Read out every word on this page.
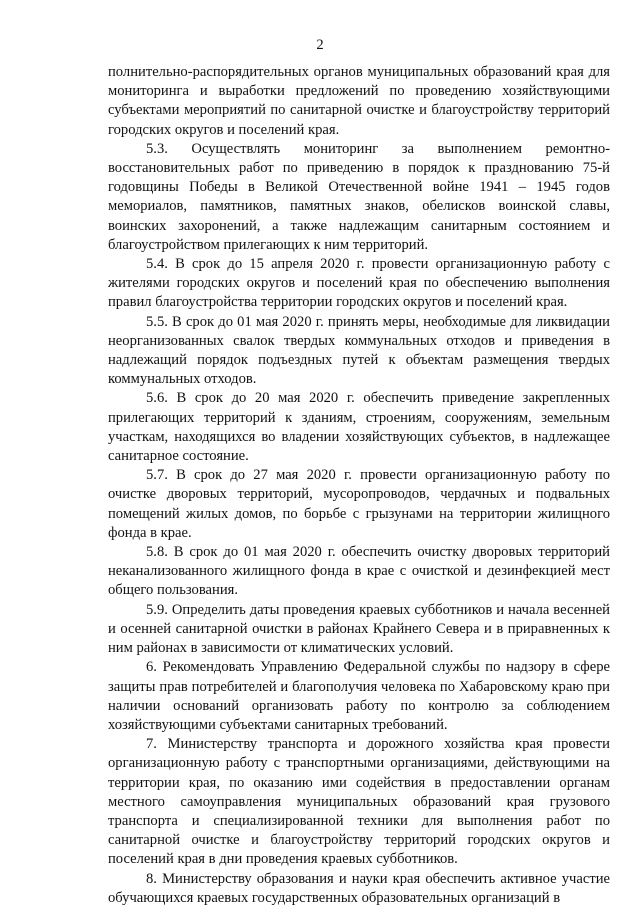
2

полнительно-распорядительных органов муниципальных образований края для мониторинга и выработки предложений по проведению хозяйствующими субъектами мероприятий по санитарной очистке и благоустройству территорий городских округов и поселений края.

5.3. Осуществлять мониторинг за выполнением ремонтно-восстановительных работ по приведению в порядок к празднованию 75-й годовщины Победы в Великой Отечественной войне 1941 – 1945 годов мемориалов, памятников, памятных знаков, обелисков воинской славы, воинских захоронений, а также надлежащим санитарным состоянием и благоустройством прилегающих к ним территорий.

5.4. В срок до 15 апреля 2020 г. провести организационную работу с жителями городских округов и поселений края по обеспечению выполнения правил благоустройства территории городских округов и поселений края.

5.5. В срок до 01 мая 2020 г. принять меры, необходимые для ликвидации неорганизованных свалок твердых коммунальных отходов и приведения в надлежащий порядок подъездных путей к объектам размещения твердых коммунальных отходов.

5.6. В срок до 20 мая 2020 г. обеспечить приведение закрепленных прилегающих территорий к зданиям, строениям, сооружениям, земельным участкам, находящихся во владении хозяйствующих субъектов, в надлежащее санитарное состояние.

5.7. В срок до 27 мая 2020 г. провести организационную работу по очистке дворовых территорий, мусоропроводов, чердачных и подвальных помещений жилых домов, по борьбе с грызунами на территории жилищного фонда в крае.

5.8. В срок до 01 мая 2020 г. обеспечить очистку дворовых территорий неканализованного жилищного фонда в крае с очисткой и дезинфекцией мест общего пользования.

5.9. Определить даты проведения краевых субботников и начала весенней и осенней санитарной очистки в районах Крайнего Севера и в приравненных к ним районах в зависимости от климатических условий.

6. Рекомендовать Управлению Федеральной службы по надзору в сфере защиты прав потребителей и благополучия человека по Хабаровскому краю при наличии оснований организовать работу по контролю за соблюдением хозяйствующими субъектами санитарных требований.

7. Министерству транспорта и дорожного хозяйства края провести организационную работу с транспортными организациями, действующими на территории края, по оказанию ими содействия в предоставлении органам местного самоуправления муниципальных образований края грузового транспорта и специализированной техники для выполнения работ по санитарной очистке и благоустройству территорий городских округов и поселений края в дни проведения краевых субботников.

8. Министерству образования и науки края обеспечить активное участие обучающихся краевых государственных образовательных организаций в
